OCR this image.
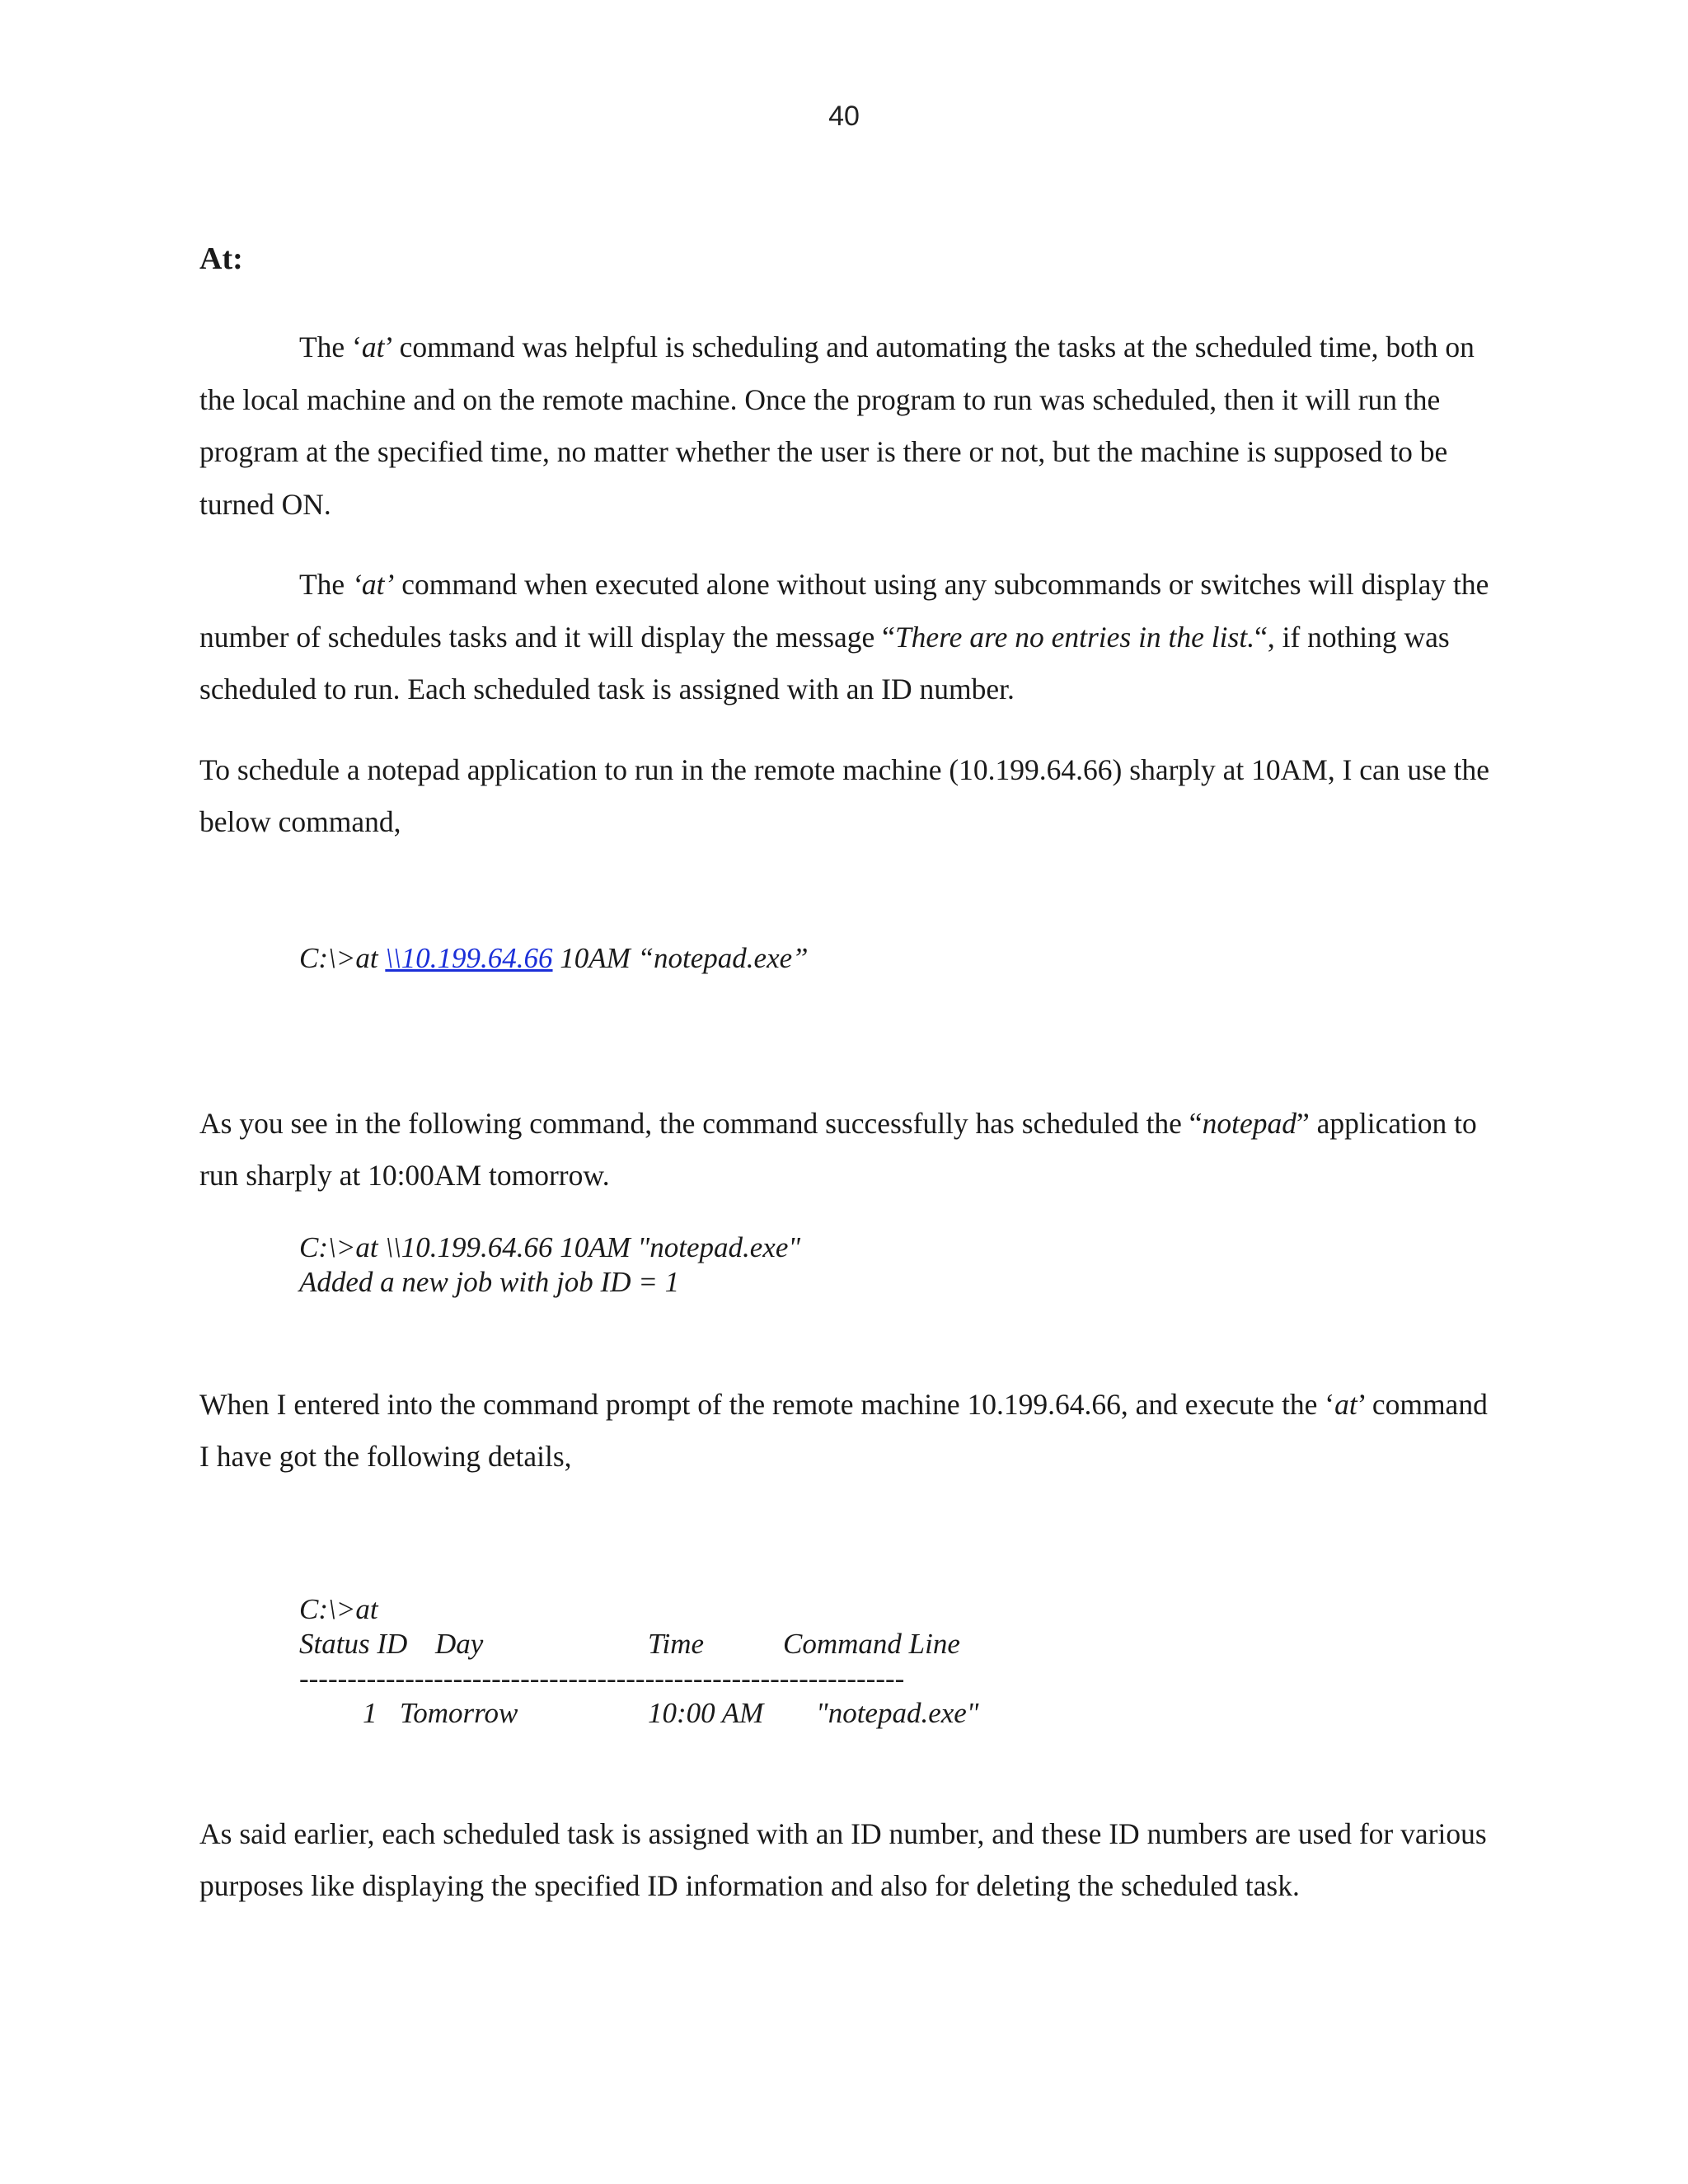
40
At:

The ‘at’ command was helpful is scheduling and automating the tasks at the scheduled time, both on the local machine and on the remote machine. Once the program to run was scheduled, then it will run the program at the specified time, no matter whether the user is there or not, but the machine is supposed to be turned ON.

The ‘at’ command when executed alone without using any subcommands or switches will display the number of schedules tasks and it will display the message “There are no entries in the list.“, if nothing was scheduled to run. Each scheduled task is assigned with an ID number.

To schedule a notepad application to run in the remote machine (10.199.64.66) sharply at 10AM, I can use the below command,

C:\>at \\10.199.64.66 10AM “notepad.exe”

As you see in the following command, the command successfully has scheduled the “notepad” application to run sharply at 10:00AM tomorrow.

C:\>at \\10.199.64.66 10AM "notepad.exe"
Added a new job with job ID = 1

When I entered into the command prompt of the remote machine 10.199.64.66, and execute the ‘at’ command I have got the following details,

C:\>at
Status ID Day	Time	Command Line
---------------------------------------------------------------
1 Tomorrow	10:00 AM "notepad.exe"

As said earlier, each scheduled task is assigned with an ID number, and these ID numbers are used for various purposes like displaying the specified ID information and also for deleting the scheduled task.
